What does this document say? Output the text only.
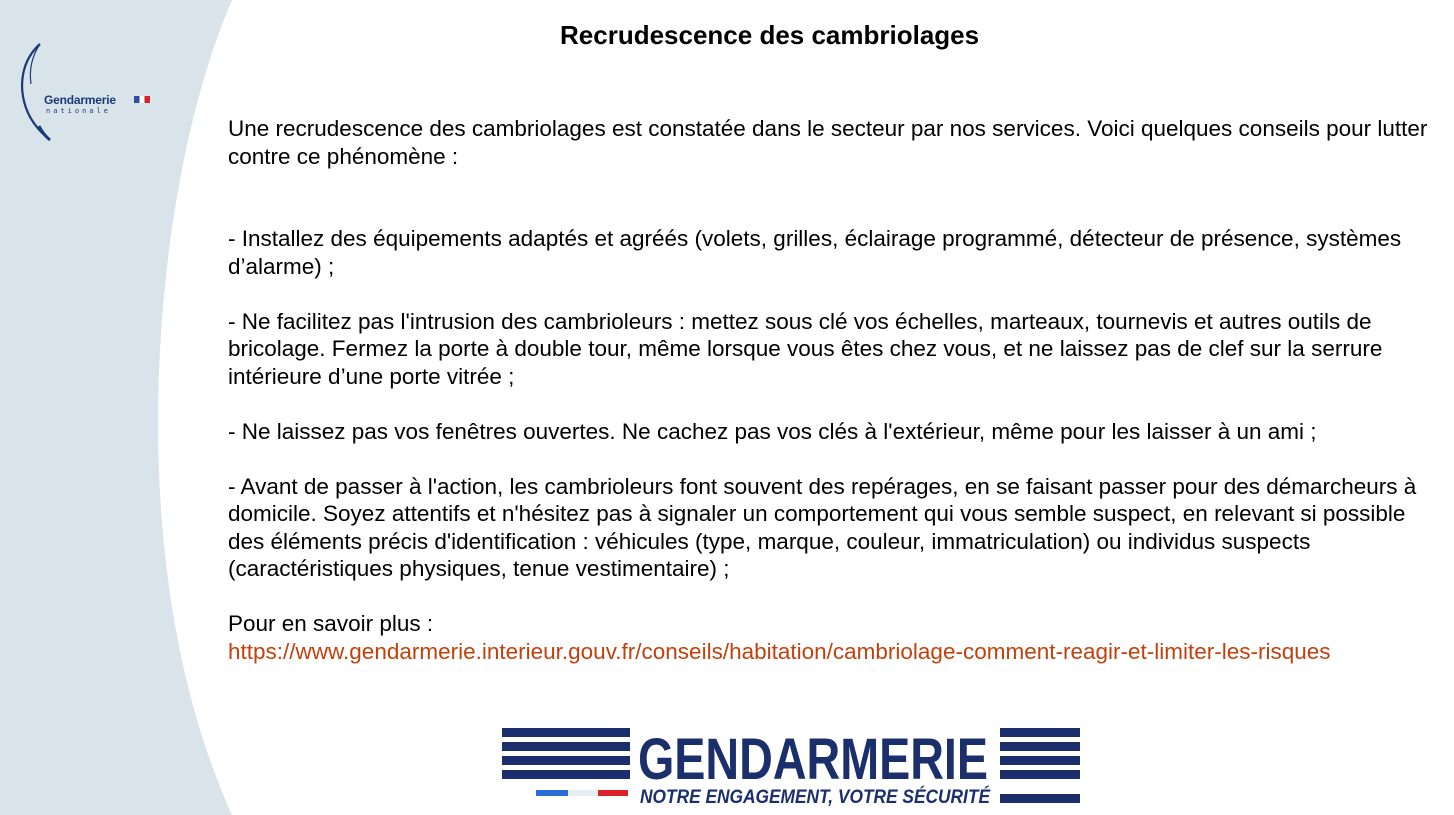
Gendarmerie
nationale
Recrudescence des cambriolages

Une recrudescence des cambriolages est constatée dans le secteur par nos services. Voici quelques conseils pour lutter contre ce phénomène :

- Installez des équipements adaptés et agréés (volets, grilles, éclairage programmé, détecteur de présence, systèmes d’alarme) ;

- Ne facilitez pas l'intrusion des cambrioleurs : mettez sous clé vos échelles, marteaux, tournevis et autres outils de bricolage. Fermez la porte à double tour, même lorsque vous êtes chez vous, et ne laissez pas de clef sur la serrure intérieure d’une porte vitrée ;

- Ne laissez pas vos fenêtres ouvertes. Ne cachez pas vos clés à l'extérieur, même pour les laisser à un ami ;

- Avant de passer à l'action, les cambrioleurs font souvent des repérages, en se faisant passer pour des démarcheurs à domicile. Soyez attentifs et n'hésitez pas à signaler un comportement qui vous semble suspect, en relevant si possible des éléments précis d'identification : véhicules (type, marque, couleur, immatriculation) ou individus suspects (caractéristiques physiques, tenue vestimentaire) ;

Pour en savoir plus :

https://www.gendarmerie.interieur.gouv.fr/conseils/habitation/cambriolage-comment-reagir-et-limiter-les-risques

GENDARMERIE
NOTRE ENGAGEMENT, VOTRE SÉCURITÉ
